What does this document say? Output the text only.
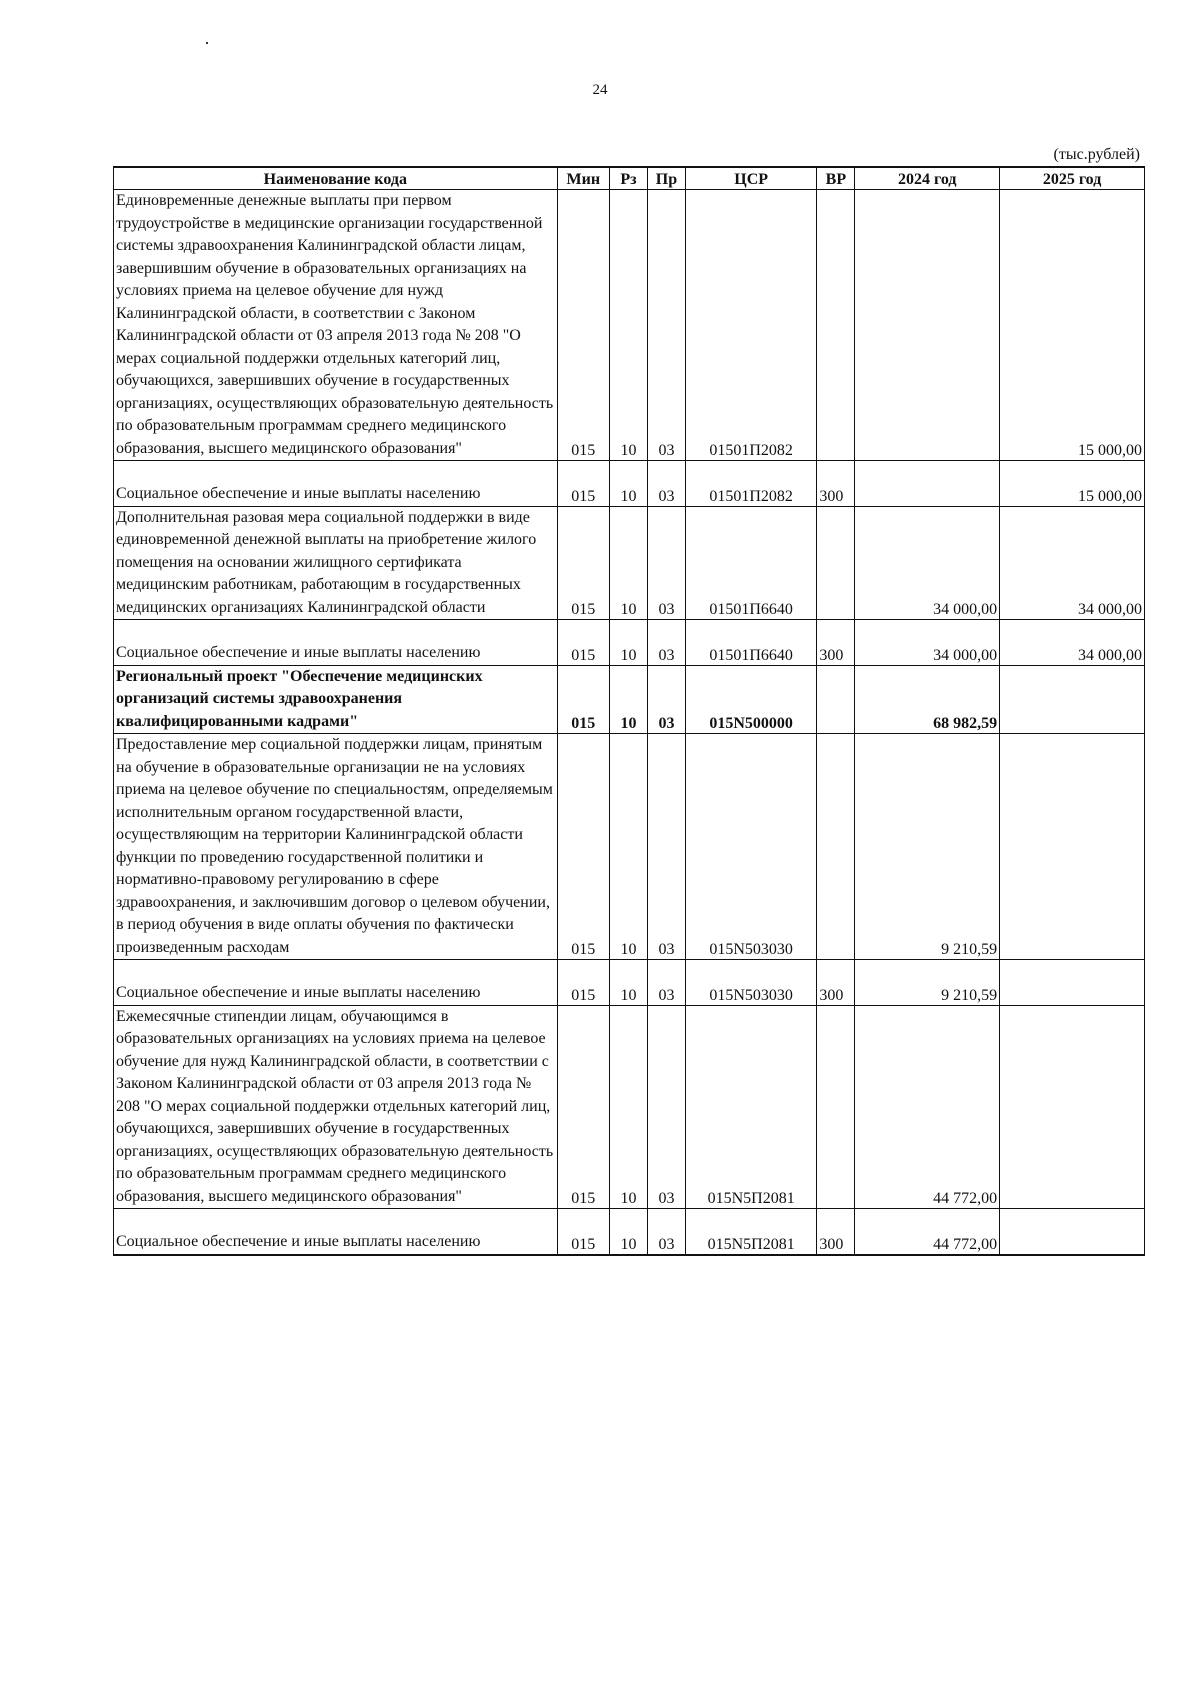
24
(тыс.рублей)
Наименование кода	Мин	Рз	Пр	ЦСР	ВР	2024 год	2025 год
Единовременные денежные выплаты при первом трудоустройстве в медицинские организации государственной системы здравоохранения Калининградской области лицам, завершившим обучение в образовательных организациях на условиях приема на целевое обучение для нужд Калининградской области, в соответствии с Законом Калининградской области от 03 апреля 2013 года № 208 "О мерах социальной поддержки отдельных категорий лиц, обучающихся, завершивших обучение в государственных организациях, осуществляющих образовательную деятельность по образовательным программам среднего медицинского образования, высшего медицинского образования"	015	10	03	01501П2082			15 000,00
Социальное обеспечение и иные выплаты населению	015	10	03	01501П2082	300		15 000,00
Дополнительная разовая мера социальной поддержки в виде единовременной денежной выплаты на приобретение жилого помещения на основании жилищного сертификата медицинским работникам, работающим в государственных медицинских организациях Калининградской области	015	10	03	01501П6640		34 000,00	34 000,00
Социальное обеспечение и иные выплаты населению	015	10	03	01501П6640	300	34 000,00	34 000,00
Региональный проект "Обеспечение медицинских организаций системы здравоохранения квалифицированными кадрами"	015	10	03	015N500000		68 982,59	
Предоставление мер социальной поддержки лицам, принятым на обучение в образовательные организации не на условиях приема на целевое обучение по специальностям, определяемым исполнительным органом государственной власти, осуществляющим на территории Калининградской области функции по проведению государственной политики и нормативно-правовому регулированию в сфере здравоохранения, и заключившим договор о целевом обучении, в период обучения в виде оплаты обучения по фактически произведенным расходам	015	10	03	015N503030		9 210,59	
Социальное обеспечение и иные выплаты населению	015	10	03	015N503030	300	9 210,59	
Ежемесячные стипендии лицам, обучающимся в образовательных организациях на условиях приема на целевое обучение для нужд Калининградской области, в соответствии с Законом Калининградской области от 03 апреля 2013 года № 208 "О мерах социальной поддержки отдельных категорий лиц, обучающихся, завершивших обучение в государственных организациях, осуществляющих образовательную деятельность по образовательным программам среднего медицинского образования, высшего медицинского образования"	015	10	03	015N5П2081		44 772,00	
Социальное обеспечение и иные выплаты населению	015	10	03	015N5П2081	300	44 772,00	
